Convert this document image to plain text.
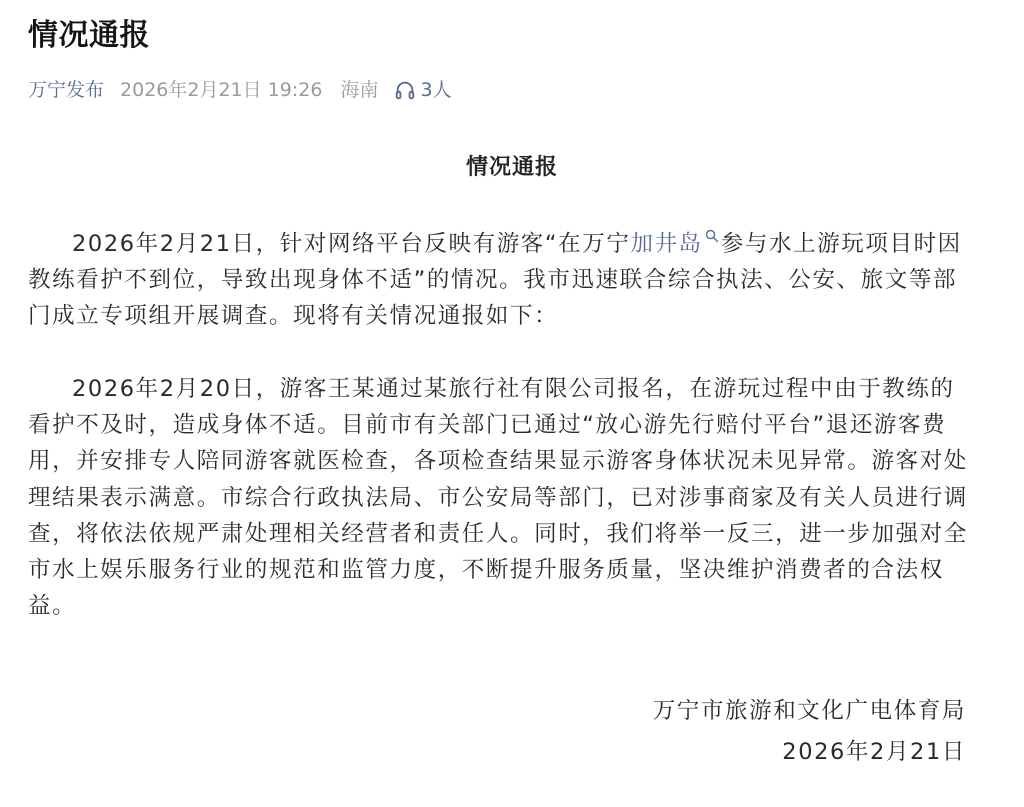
情况通报
万宁发布 2026年2月21日 19:26 海南 3人
情况通报

2026年2月21日，针对网络平台反映有游客“在万宁加井岛 参与水上游玩项目时因教练看护不到位，导致出现身体不适”的情况。我市迅速联合综合执法、公安、旅文等部门成立专项组开展调查。现将有关情况通报如下：

2026年2月20日，游客王某通过某旅行社有限公司报名，在游玩过程中由于教练的看护不及时，造成身体不适。目前市有关部门已通过“放心游先行赔付平台”退还游客费用，并安排专人陪同游客就医检查，各项检查结果显示游客身体状况未见异常。游客对处理结果表示满意。市综合行政执法局、市公安局等部门，已对涉事商家及有关人员进行调查，将依法依规严肃处理相关经营者和责任人。同时，我们将举一反三，进一步加强对全市水上娱乐服务行业的规范和监管力度，不断提升服务质量，坚决维护消费者的合法权益。

万宁市旅游和文化广电体育局
2026年2月21日
